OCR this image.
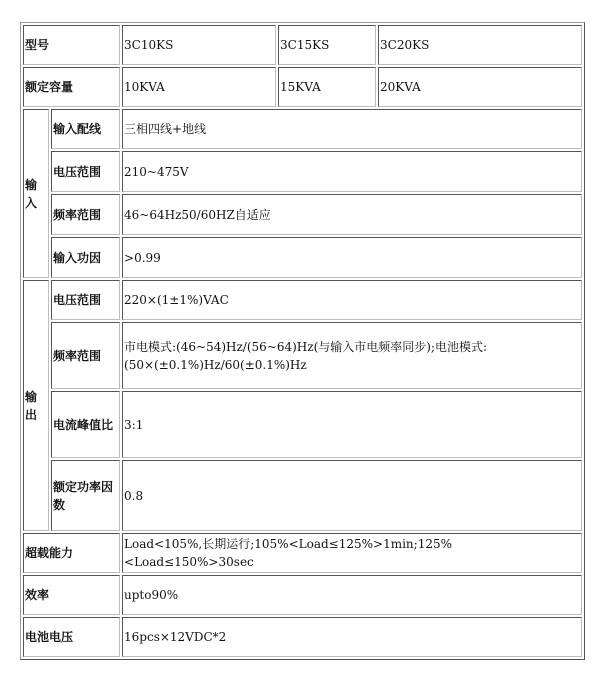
型号		3C10KS	3C15KS	3C20KS
额定容量		10KVA	15KVA	20KVA
输入	输入配线	三相四线+地线		
	电压范围	210~475V		
	频率范围	46~64Hz50/60HZ自适应		
	输入功因	>0.99		
输出	电压范围	220×(1±1%)VAC		
	频率范围	市电模式:(46~54)Hz/(56~64)Hz(与输入市电频率同步);电池模式:(50×(±0.1%)Hz/60(±0.1%)Hz		
	电流峰值比	3:1		
	额定功率因数	0.8		
超载能力		Load<105%,长期运行;105%<Load≤125%>1min;125%<Load≤150%>30sec		
效率		upto90%		
电池电压		16pcs×12VDC*2		
